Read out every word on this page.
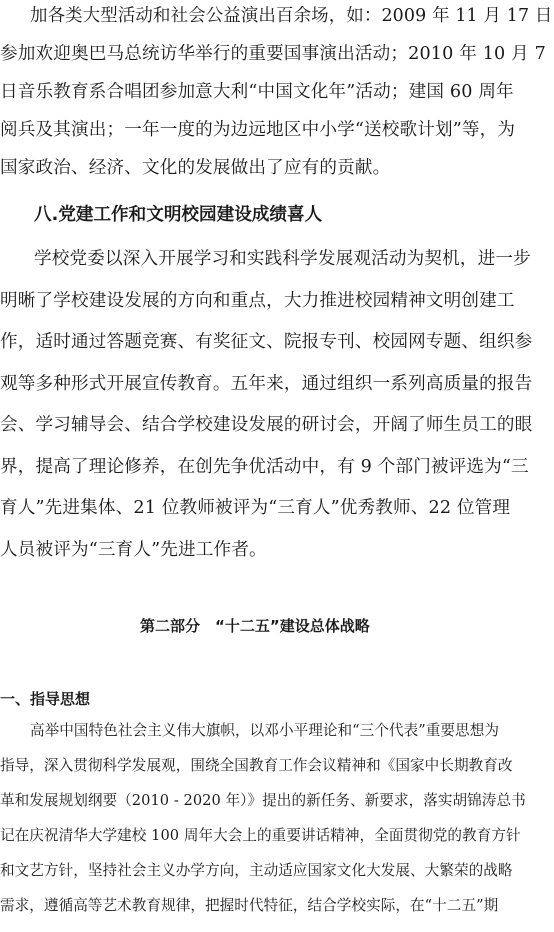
加各类大型活动和社会公益演出百余场，如：2009 年 11 月 17 日
参加欢迎奥巴马总统访华举行的重要国事演出活动；2010 年 10 月 7
日音乐教育系合唱团参加意大利“中国文化年”活动；建国 60 周年
阅兵及其演出；一年一度的为边远地区中小学“送校歌计划”等，为
国家政治、经济、文化的发展做出了应有的贡献。
八.党建工作和文明校园建设成绩喜人
学校党委以深入开展学习和实践科学发展观活动为契机，进一步
明晰了学校建设发展的方向和重点，大力推进校园精神文明创建工
作，适时通过答题竞赛、有奖征文、院报专刊、校园网专题、组织参
观等多种形式开展宣传教育。五年来，通过组织一系列高质量的报告
会、学习辅导会、结合学校建设发展的研讨会，开阔了师生员工的眼
界，提高了理论修养，在创先争优活动中，有 9 个部门被评选为“三
育人”先进集体、21 位教师被评为“三育人”优秀教师、22 位管理
人员被评为“三育人”先进工作者。
第二部分　“十二五”建设总体战略
一、指导思想
高举中国特色社会主义伟大旗帜，以邓小平理论和“三个代表”重要思想为
指导，深入贯彻科学发展观，围绕全国教育工作会议精神和《国家中长期教育改
革和发展规划纲要（2010 - 2020 年）》提出的新任务、新要求，落实胡锦涛总书
记在庆祝清华大学建校 100 周年大会上的重要讲话精神，全面贯彻党的教育方针
和文艺方针，坚持社会主义办学方向，主动适应国家文化大发展、大繁荣的战略
需求，遵循高等艺术教育规律，把握时代特征，结合学校实际，在“十二五”期
